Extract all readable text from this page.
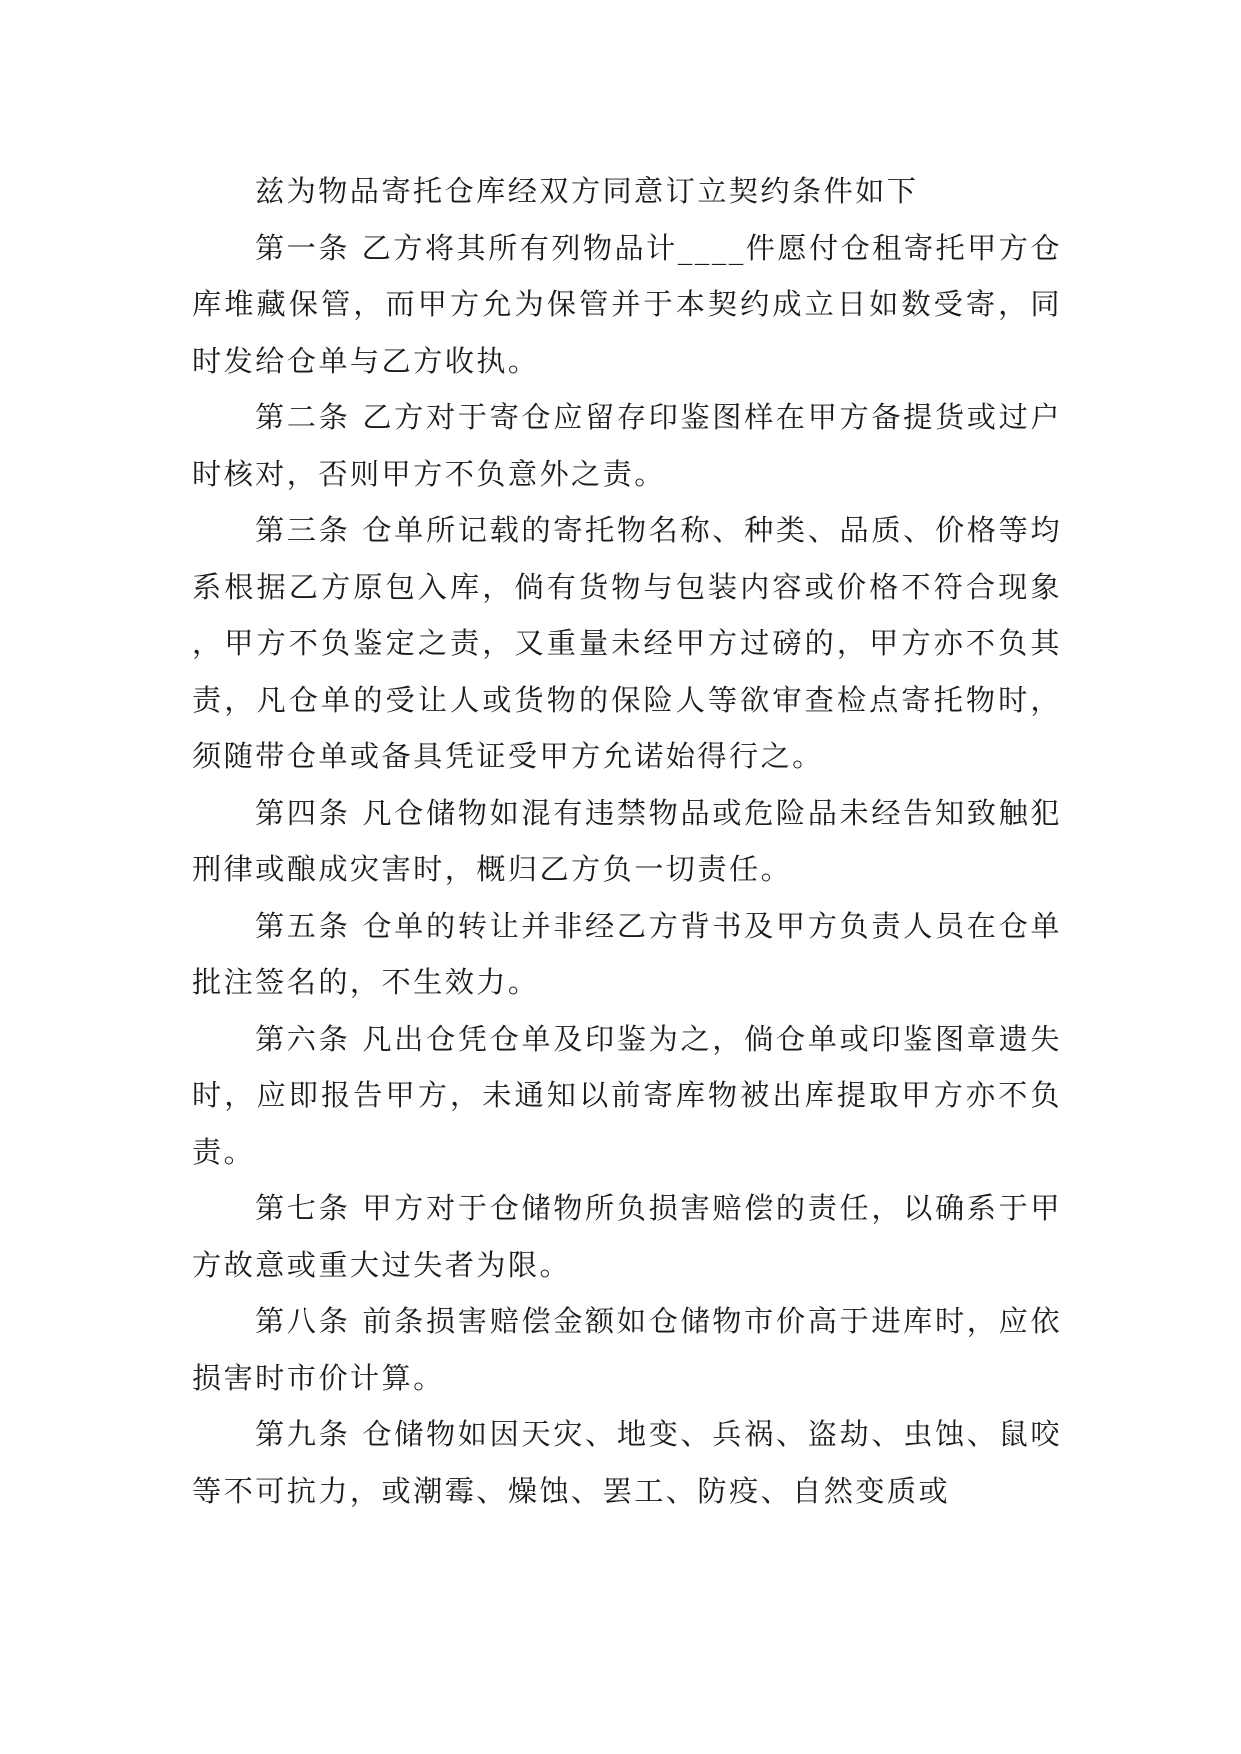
兹为物品寄托仓库经双方同意订立契约条件如下

第一条 乙方将其所有列物品计____件愿付仓租寄托甲方仓库堆藏保管，而甲方允为保管并于本契约成立日如数受寄，同时发给仓单与乙方收执。

第二条 乙方对于寄仓应留存印鉴图样在甲方备提货或过户时核对，否则甲方不负意外之责。

第三条 仓单所记载的寄托物名称、种类、品质、价格等均系根据乙方原包入库，倘有货物与包装内容或价格不符合现象，甲方不负鉴定之责，又重量未经甲方过磅的，甲方亦不负其责，凡仓单的受让人或货物的保险人等欲审查检点寄托物时，须随带仓单或备具凭证受甲方允诺始得行之。

第四条 凡仓储物如混有违禁物品或危险品未经告知致触犯刑律或酿成灾害时，概归乙方负一切责任。

第五条 仓单的转让并非经乙方背书及甲方负责人员在仓单批注签名的，不生效力。

第六条 凡出仓凭仓单及印鉴为之，倘仓单或印鉴图章遗失时，应即报告甲方，未通知以前寄库物被出库提取甲方亦不负责。

第七条 甲方对于仓储物所负损害赔偿的责任，以确系于甲方故意或重大过失者为限。

第八条 前条损害赔偿金额如仓储物市价高于进库时，应依损害时市价计算。

第九条 仓储物如因天灾、地变、兵祸、盗劫、虫蚀、鼠咬等不可抗力，或潮霉、燥蚀、罢工、防疫、自然变质或
